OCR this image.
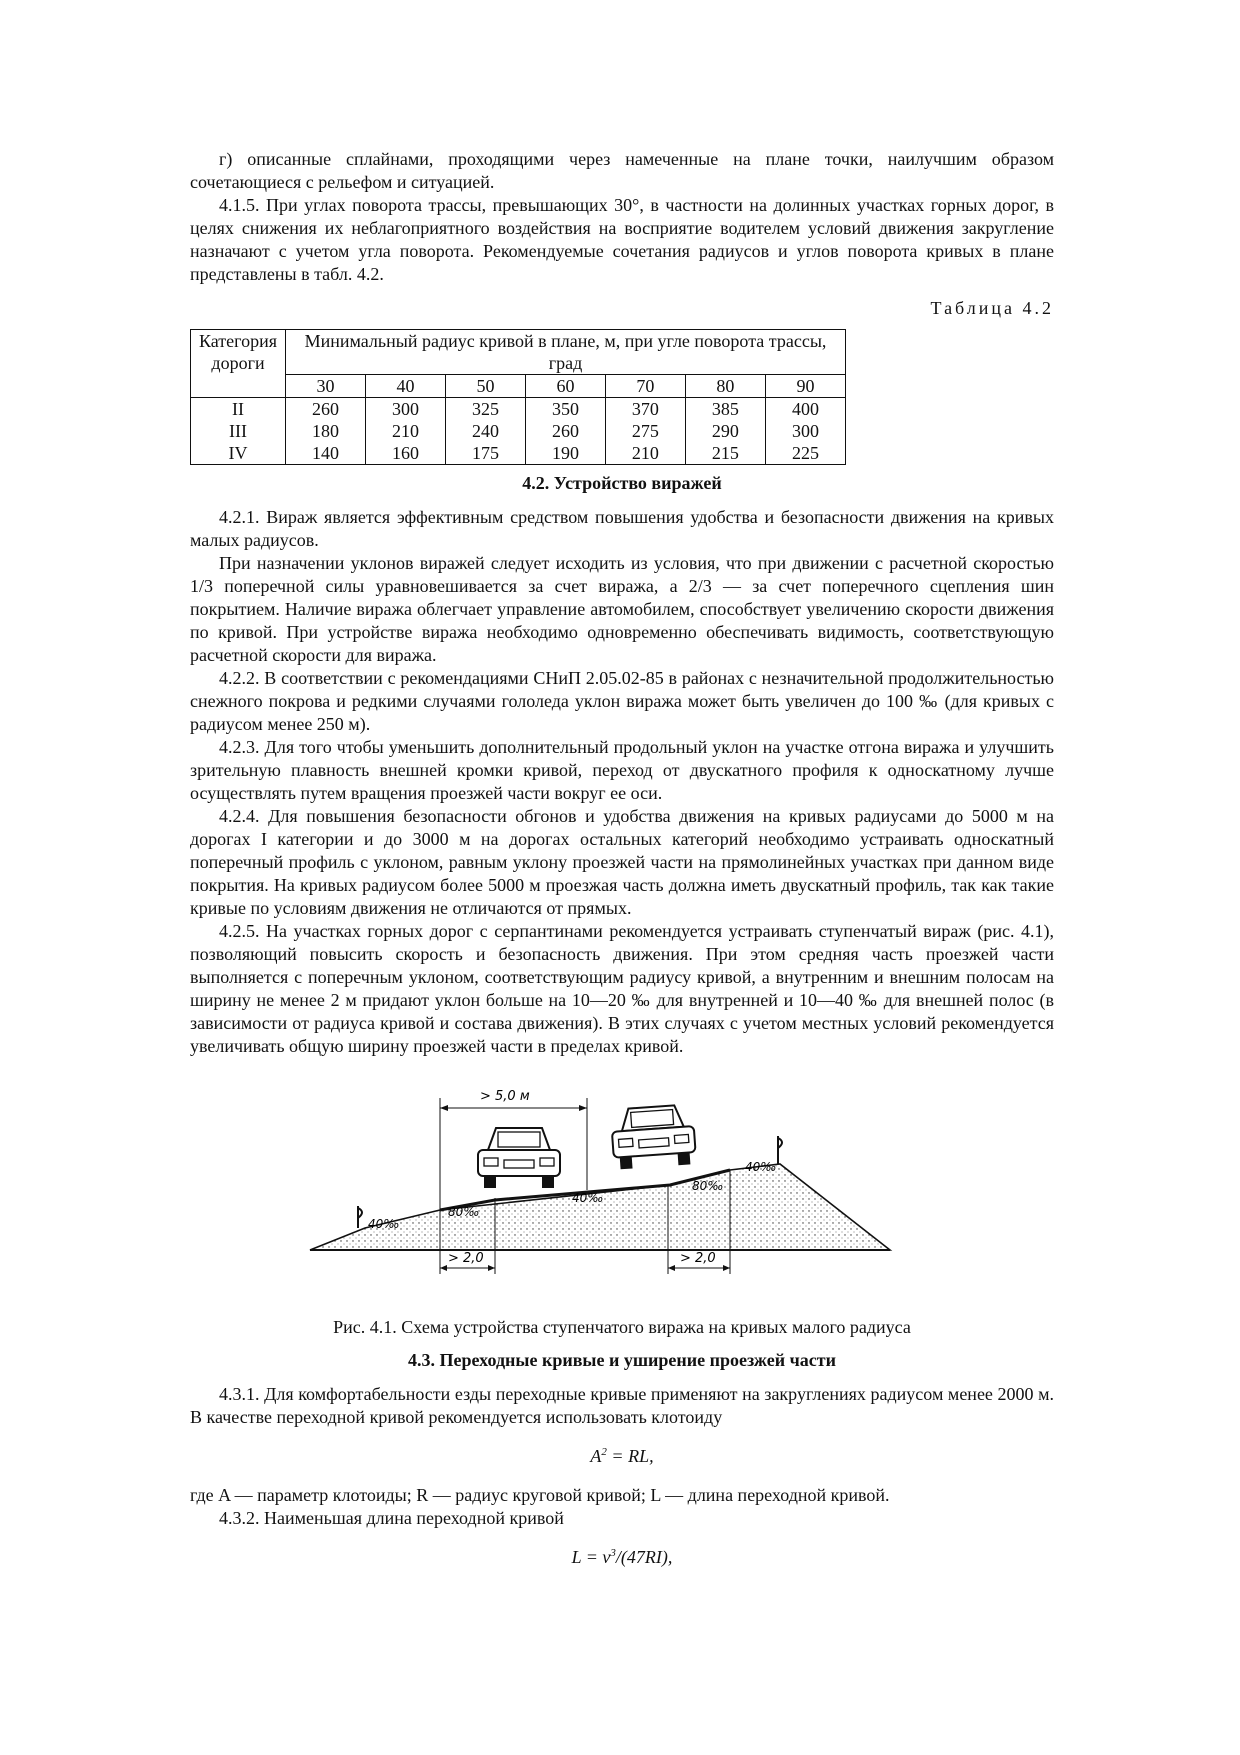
г) описанные сплайнами, проходящими через намеченные на плане точки, наилучшим образом сочетающиеся с рельефом и ситуацией.

4.1.5. При углах поворота трассы, превышающих 30°, в частности на долинных участках горных дорог, в целях снижения их неблагоприятного воздействия на восприятие водителем условий движения закругление назначают с учетом угла поворота. Рекомендуемые сочетания радиусов и углов поворота кривых в плане представлены в табл. 4.2.

Таблица 4.2
Категория дороги	Минимальный радиус кривой в плане, м, при угле поворота трассы, град						
	30	40	50	60	70	80	90
II	260	300	325	350	370	385	400
III	180	210	240	260	275	290	300
IV	140	160	175	190	210	215	225
4.2. Устройство виражей

4.2.1. Вираж является эффективным средством повышения удобства и безопасности движения на кривых малых радиусов.

При назначении уклонов виражей следует исходить из условия, что при движении с расчетной скоростью 1/3 поперечной силы уравновешивается за счет виража, а 2/3 — за счет поперечного сцепления шин покрытием. Наличие виража облегчает управление автомобилем, способствует увеличению скорости движения по кривой. При устройстве виража необходимо одновременно обеспечивать видимость, соответствующую расчетной скорости для виража.

4.2.2. В соответствии с рекомендациями СНиП 2.05.02-85 в районах с незначительной продолжительностью снежного покрова и редкими случаями гололеда уклон виража может быть увеличен до 100 ‰ (для кривых с радиусом менее 250 м).

4.2.3. Для того чтобы уменьшить дополнительный продольный уклон на участке отгона виража и улучшить зрительную плавность внешней кромки кривой, переход от двускатного профиля к односкатному лучше осуществлять путем вращения проезжей части вокруг ее оси.

4.2.4. Для повышения безопасности обгонов и удобства движения на кривых радиусами до 5000 м на дорогах I категории и до 3000 м на дорогах остальных категорий необходимо устраивать односкатный поперечный профиль с уклоном, равным уклону проезжей части на прямолинейных участках при данном виде покрытия. На кривых радиусом более 5000 м проезжая часть должна иметь двускатный профиль, так как такие кривые по условиям движения не отличаются от прямых.

4.2.5. На участках горных дорог с серпантинами рекомендуется устраивать ступенчатый вираж (рис. 4.1), позволяющий повысить скорость и безопасность движения. При этом средняя часть проезжей части выполняется с поперечным уклоном, соответствующим радиусу кривой, а внутренним и внешним полосам на ширину не менее 2 м придают уклон больше на 10—20 ‰ для внутренней и 10—40 ‰ для внешней полос (в зависимости от радиуса кривой и состава движения). В этих случаях с учетом местных условий рекомендуется увеличивать общую ширину проезжей части в пределах кривой.

> 5,0 м
> 2,0	> 2,0
40‰
80‰
40‰
80‰
40‰
Рис. 4.1. Схема устройства ступенчатого виража на кривых малого радиуса
4.3. Переходные кривые и уширение проезжей части

4.3.1. Для комфортабельности езды переходные кривые применяют на закруглениях радиусом менее 2000 м. В качестве переходной кривой рекомендуется использовать клотоиду

$A^2$ = RL,

где A — параметр клотоиды; R — радиус круговой кривой; L — длина переходной кривой.

4.3.2. Наименьшая длина переходной кривой

$L = v^3/(47RI)$,
